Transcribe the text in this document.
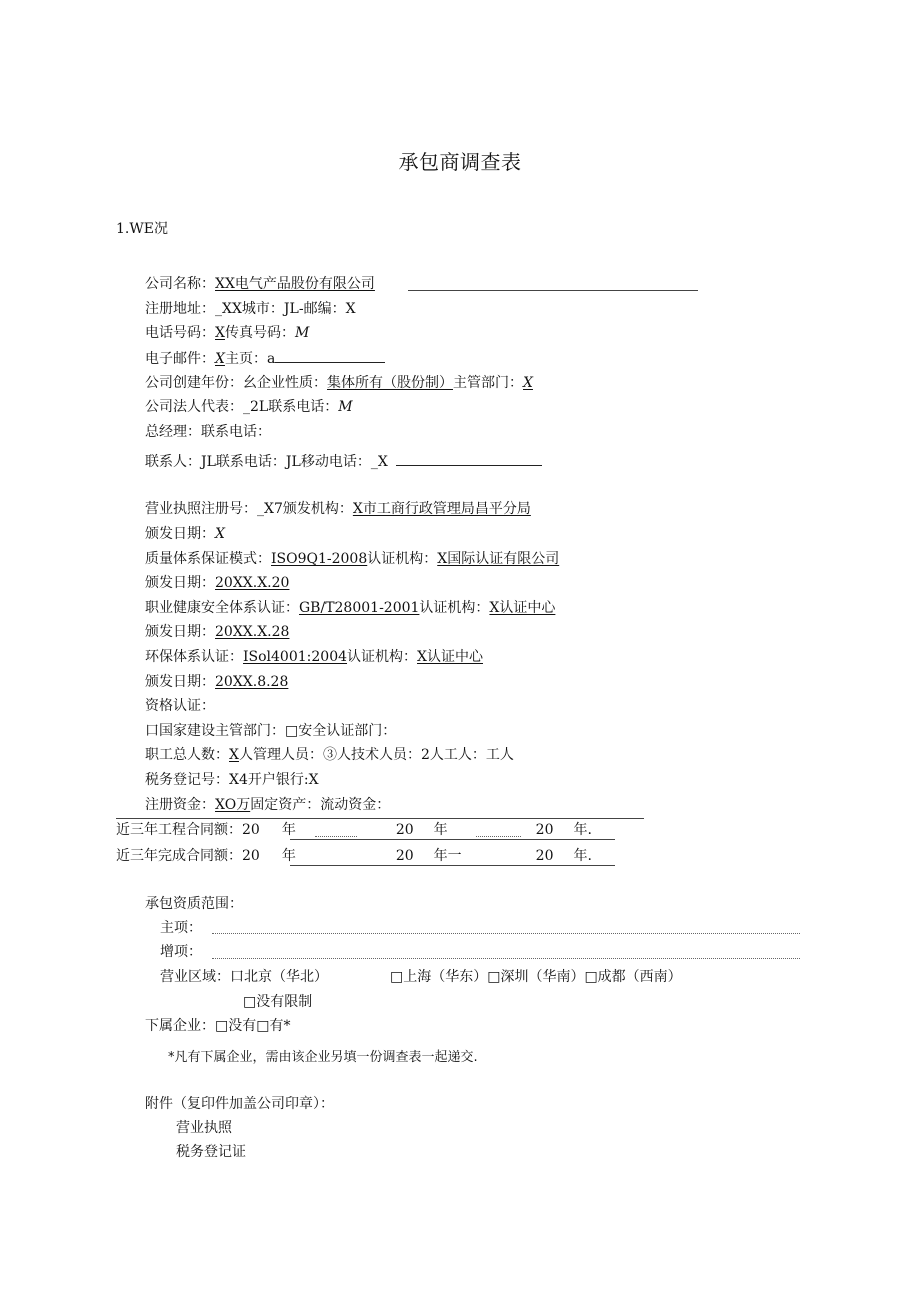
承包商调查表
1.WE况
公司名称：XX电气产品股份有限公司
注册地址：_XX城市：JL-邮编：X
电话号码：X传真号码：M
电子邮件：X主页：a
公司创建年份：幺企业性质：集体所有（股份制）主管部门：X
公司法人代表：_2L联系电话：M
总经理：联系电话：
联系人：JL联系电话：JL移动电话：_X
营业执照注册号：_X7颁发机构：X市工商行政管理局昌平分局
颁发日期：X
质量体系保证模式：ISO9Q1-2008认证机构：X国际认证有限公司
颁发日期：20XX.X.20
职业健康安全体系认证：GB/T28001-2001认证机构：X认证中心
颁发日期：20XX.X.28
环保体系认证：ISol4001:2004认证机构：X认证中心
颁发日期：20XX.8.28
资格认证：
口国家建设主管部门：□安全认证部门：
职工总人数：X人管理人员：③人技术人员：2人工人：工人
税务登记号：X4开户银行:X
注册资金：XO万固定资产：流动资金：
近三年工程合同额：20 年	20 年	20 年.
近三年完成合同额：20 年	20 年一	20 年.
承包资质范围：
主项：
增项：
营业区域：口北京（华北）	□上海（华东）□深圳（华南）□成都（西南）
□没有限制
下属企业：□没有□有*
*凡有下属企业，需由该企业另填一份调查表一起递交.
附件（复印件加盖公司印章）：
营业执照
税务登记证
